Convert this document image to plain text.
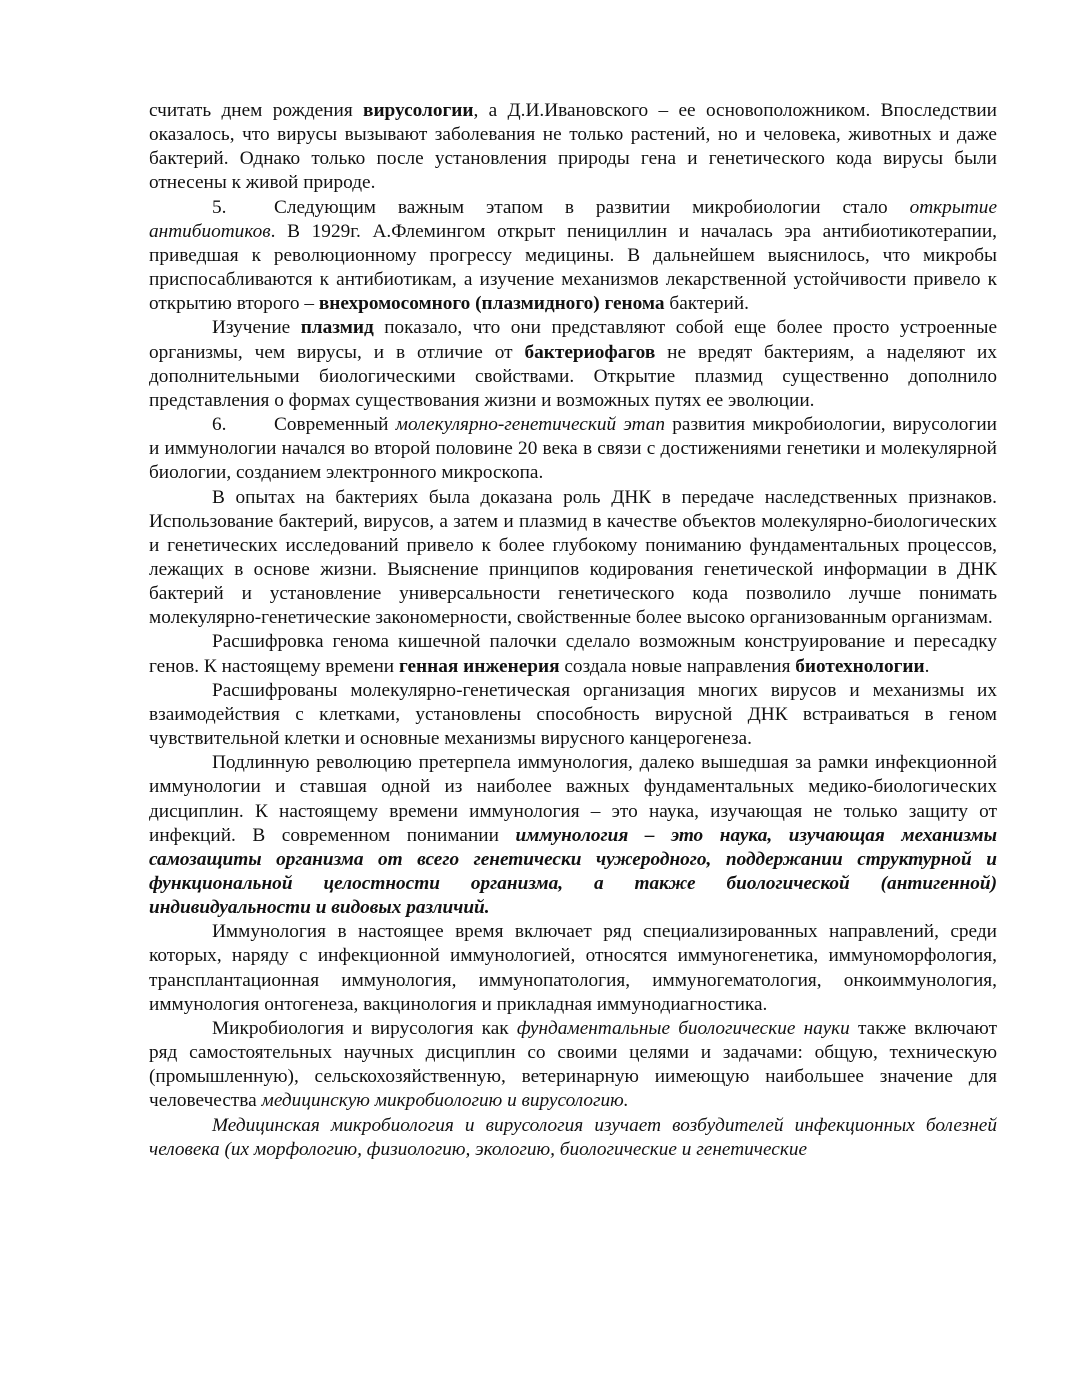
считать днем рождения вирусологии, а Д.И.Ивановского – ее основоположником. Впоследствии оказалось, что вирусы вызывают заболевания не только растений, но и человека, животных и даже бактерий. Однако только после установления природы гена и генетического кода вирусы были отнесены к живой природе.

5. Следующим важным этапом в развитии микробиологии стало открытие антибиотиков. В 1929г. А.Флемингом открыт пенициллин и началась эра антибиотикотерапии, приведшая к революционному прогрессу медицины. В дальнейшем выяснилось, что микробы приспосабливаются к антибиотикам, а изучение механизмов лекарственной устойчивости привело к открытию второго – внехромосомного (плазмидного) генома бактерий.

Изучение плазмид показало, что они представляют собой еще более просто устроенные организмы, чем вирусы, и в отличие от бактериофагов не вредят бактериям, а наделяют их дополнительными биологическими свойствами. Открытие плазмид существенно дополнило представления о формах существования жизни и возможных путях ее эволюции.

6. Современный молекулярно-генетический этап развития микробиологии, вирусологии и иммунологии начался во второй половине 20 века в связи с достижениями генетики и молекулярной биологии, созданием электронного микроскопа.

В опытах на бактериях была доказана роль ДНК в передаче наследственных признаков. Использование бактерий, вирусов, а затем и плазмид в качестве объектов молекулярно-биологических и генетических исследований привело к более глубокому пониманию фундаментальных процессов, лежащих в основе жизни. Выяснение принципов кодирования генетической информации в ДНК бактерий и установление универсальности генетического кода позволило лучше понимать молекулярно-генетические закономерности, свойственные более высоко организованным организмам.

Расшифровка генома кишечной палочки сделало возможным конструирование и пересадку генов. К настоящему времени генная инженерия создала новые направления биотехнологии.

Расшифрованы молекулярно-генетическая организация многих вирусов и механизмы их взаимодействия с клетками, установлены способность вирусной ДНК встраиваться в геном чувствительной клетки и основные механизмы вирусного канцерогенеза.

Подлинную революцию претерпела иммунология, далеко вышедшая за рамки инфекционной иммунологии и ставшая одной из наиболее важных фундаментальных медико-биологических дисциплин. К настоящему времени иммунология – это наука, изучающая не только защиту от инфекций. В современном понимании иммунология – это наука, изучающая механизмы самозащиты организма от всего генетически чужеродного, поддержании структурной и функциональной целостности организма, а также биологической (антигенной) индивидуальности и видовых различий.

Иммунология в настоящее время включает ряд специализированных направлений, среди которых, наряду с инфекционной иммунологией, относятся иммуногенетика, иммуноморфология, трансплантационная иммунология, иммунопатология, иммуногематология, онкоиммунология, иммунология онтогенеза, вакцинология и прикладная иммунодиагностика.

Микробиология и вирусология как фундаментальные биологические науки также включают ряд самостоятельных научных дисциплин со своими целями и задачами: общую, техническую (промышленную), сельскохозяйственную, ветеринарную иимеющую наибольшее значение для человечества медицинскую микробиологию и вирусологию.

Медицинская микробиология и вирусология изучает возбудителей инфекционных болезней человека (их морфологию, физиологию, экологию, биологические и генетические
